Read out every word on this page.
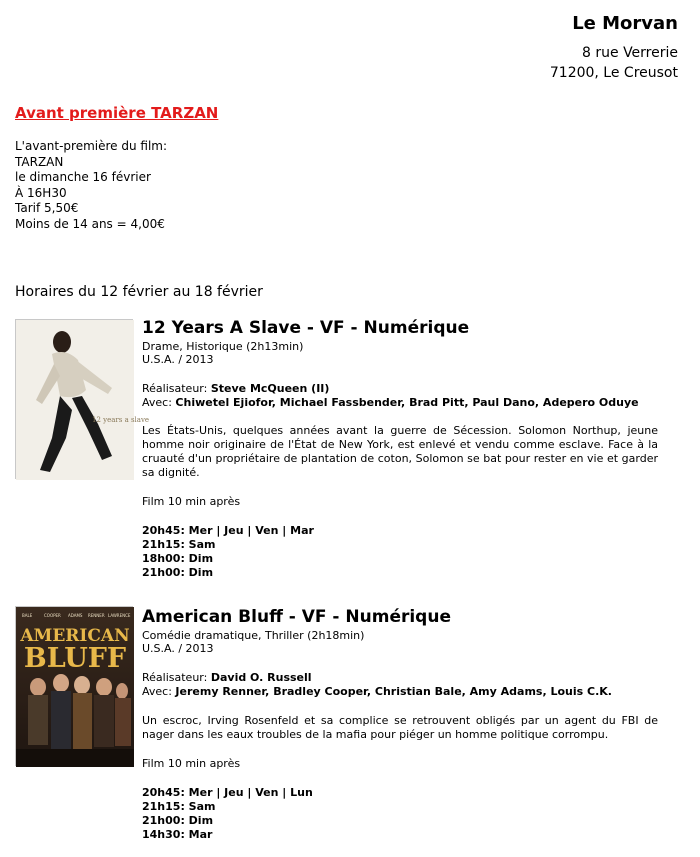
Le Morvan
8 rue Verrerie
71200, Le Creusot
Avant première TARZAN
L'avant-première du film:
TARZAN
le dimanche 16 février
À 16H30
Tarif 5,50€
Moins de 14 ans = 4,00€
Horaires du 12 février au 18 février
12 years a slave
12 Years A Slave - VF - Numérique
Drame, Historique (2h13min)
U.S.A. / 2013
Réalisateur: Steve McQueen (II)
Avec: Chiwetel Ejiofor, Michael Fassbender, Brad Pitt, Paul Dano, Adepero Oduye
Les États-Unis, quelques années avant la guerre de Sécession. Solomon Northup, jeune homme noir originaire de l'État de New York, est enlevé et vendu comme esclave. Face à la cruauté d'un propriétaire de plantation de coton, Solomon se bat pour rester en vie et garder sa dignité.
Film 10 min après
20h45: Mer | Jeu | Ven | Mar
21h15: Sam
18h00: Dim
21h00: Dim
BALE	COOPER ADAMS RENNER LAWRENCE
AMERICAN
BLUFF
American Bluff - VF - Numérique
Comédie dramatique, Thriller (2h18min)
U.S.A. / 2013
Réalisateur: David O. Russell
Avec: Jeremy Renner, Bradley Cooper, Christian Bale, Amy Adams, Louis C.K.
Un escroc, Irving Rosenfeld et sa complice se retrouvent obligés par un agent du FBI de nager dans les eaux troubles de la mafia pour piéger un homme politique corrompu.
Film 10 min après
20h45: Mer | Jeu | Ven | Lun
21h15: Sam
21h00: Dim
14h30: Mar
